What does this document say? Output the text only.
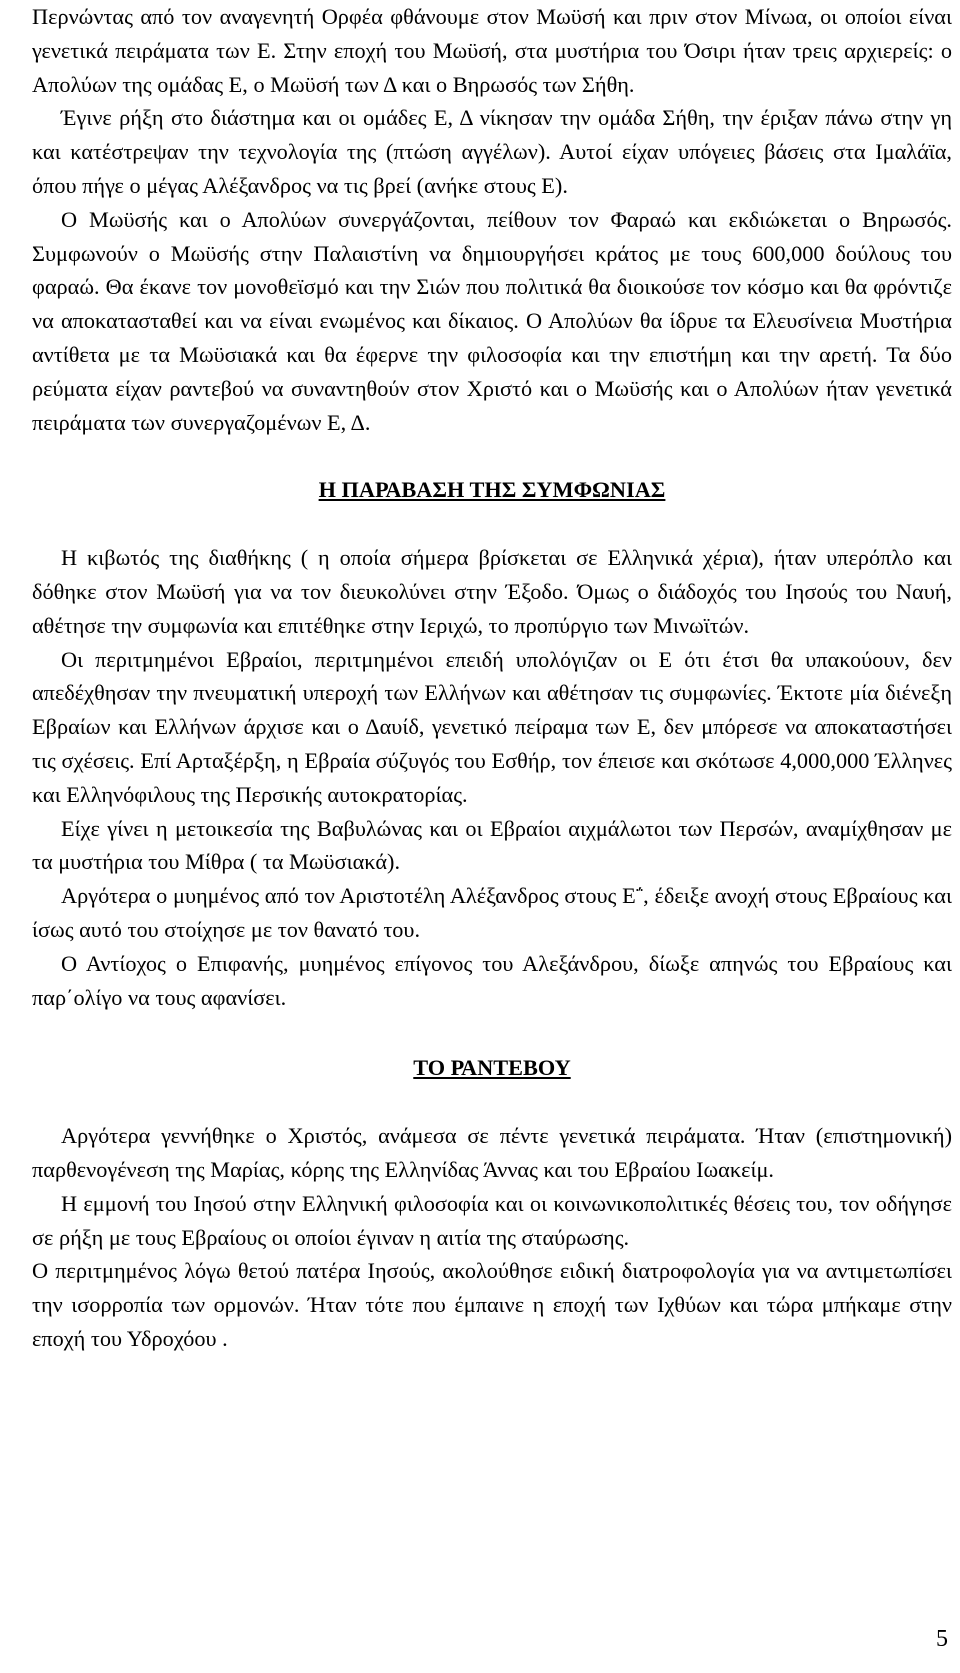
Περνώντας από τον αναγενητή Ορφέα φθάνουμε στον Μωϋσή και πριν στον Μίνωα, οι οποίοι είναι γενετικά πειράματα των Ε. Στην εποχή του Μωϋσή, στα μυστήρια του Όσιρι ήταν τρεις αρχιερείς: ο Απολύων της ομάδας Ε, ο Μωϋσή των Δ και ο Βηρωσός των Σήθη.

Έγινε ρήξη στο διάστημα και οι ομάδες Ε, Δ νίκησαν την ομάδα Σήθη, την έριξαν πάνω στην γη και κατέστρεψαν την τεχνολογία της (πτώση αγγέλων). Αυτοί είχαν υπόγειες βάσεις στα Ιμαλάϊα, όπου πήγε ο μέγας Αλέξανδρος να τις βρεί (ανήκε στους Ε).

Ο Μωϋσής και ο Απολύων συνεργάζονται, πείθουν τον Φαραώ και εκδιώκεται ο Βηρωσός. Συμφωνούν ο Μωϋσής στην Παλαιστίνη να δημιουργήσει κράτος με τους 600,000 δούλους του φαραώ. Θα έκανε τον μονοθεϊσμό και την Σιών που πολιτικά θα διοικούσε τον κόσμο και θα φρόντιζε να αποκατασταθεί και να είναι ενωμένος και δίκαιος. Ο Απολύων θα ίδρυε τα Ελευσίνεια Μυστήρια αντίθετα με τα Μωϋσιακά και θα έφερνε την φιλοσοφία και την επιστήμη και την αρετή. Τα δύο ρεύματα είχαν ραντεβού να συναντηθούν στον Χριστό και ο Μωϋσής και ο Απολύων ήταν γενετικά πειράματα των συνεργαζομένων Ε, Δ.

Η ΠΑΡΑΒΑΣΗ ΤΗΣ ΣΥΜΦΩΝΙΑΣ

Η κιβωτός της διαθήκης ( η οποία σήμερα βρίσκεται σε Ελληνικά χέρια), ήταν υπερόπλο και δόθηκε στον Μωϋσή για να τον διευκολύνει στην Έξοδο. Όμως ο διάδοχός του Ιησούς του Ναυή, αθέτησε την συμφωνία και επιτέθηκε στην Ιεριχώ, το προπύργιο των Μινωϊτών.

Οι περιτμημένοι Εβραίοι, περιτμημένοι επειδή υπολόγιζαν οι Ε ότι έτσι θα υπακούουν, δεν απεδέχθησαν την πνευματική υπεροχή των Ελλήνων και αθέτησαν τις συμφωνίες. Έκτοτε μία διένεξη Εβραίων και Ελλήνων άρχισε και ο Δαυίδ, γενετικό πείραμα των Ε, δεν μπόρεσε να αποκαταστήσει τις σχέσεις. Επί Αρταξέρξη, η Εβραία σύζυγός του Εσθήρ, τον έπεισε και σκότωσε 4,000,000 Έλληνες και Ελληνόφιλους της Περσικής αυτοκρατορίας.

Είχε γίνει η μετοικεσία της Βαβυλώνας και οι Εβραίοι αιχμάλωτοι των Περσών, αναμίχθησαν με τα μυστήρια του Μίθρα ( τα Μωϋσιακά).

Αργότερα ο μυημένος από τον Αριστοτέλη Αλέξανδρος στους Ε΅, έδειξε ανοχή στους Εβραίους και ίσως αυτό του στοίχησε με τον θανατό του.

Ο Αντίοχος ο Επιφανής, μυημένος επίγονος του Αλεξάνδρου, δίωξε απηνώς του Εβραίους και παρ΄ολίγο να τους αφανίσει.

ΤΟ ΡΑΝΤΕΒΟΥ

Αργότερα γεννήθηκε ο Χριστός, ανάμεσα σε πέντε γενετικά πειράματα. Ήταν (επιστημονική) παρθενογένεση της Μαρίας, κόρης της Ελληνίδας Άννας και του Εβραίου Ιωακείμ.

Η εμμονή του Ιησού στην Ελληνική φιλοσοφία και οι κοινωνικοπολιτικές θέσεις του, τον οδήγησε σε ρήξη με τους Εβραίους οι οποίοι έγιναν η αιτία της σταύρωσης.

Ο περιτμημένος λόγω θετού πατέρα Ιησούς, ακολούθησε ειδική διατροφολογία για να αντιμετωπίσει την ισορροπία των ορμονών. Ήταν τότε που έμπαινε η εποχή των Ιχθύων και τώρα μπήκαμε στην εποχή του Υδροχόου .

5
